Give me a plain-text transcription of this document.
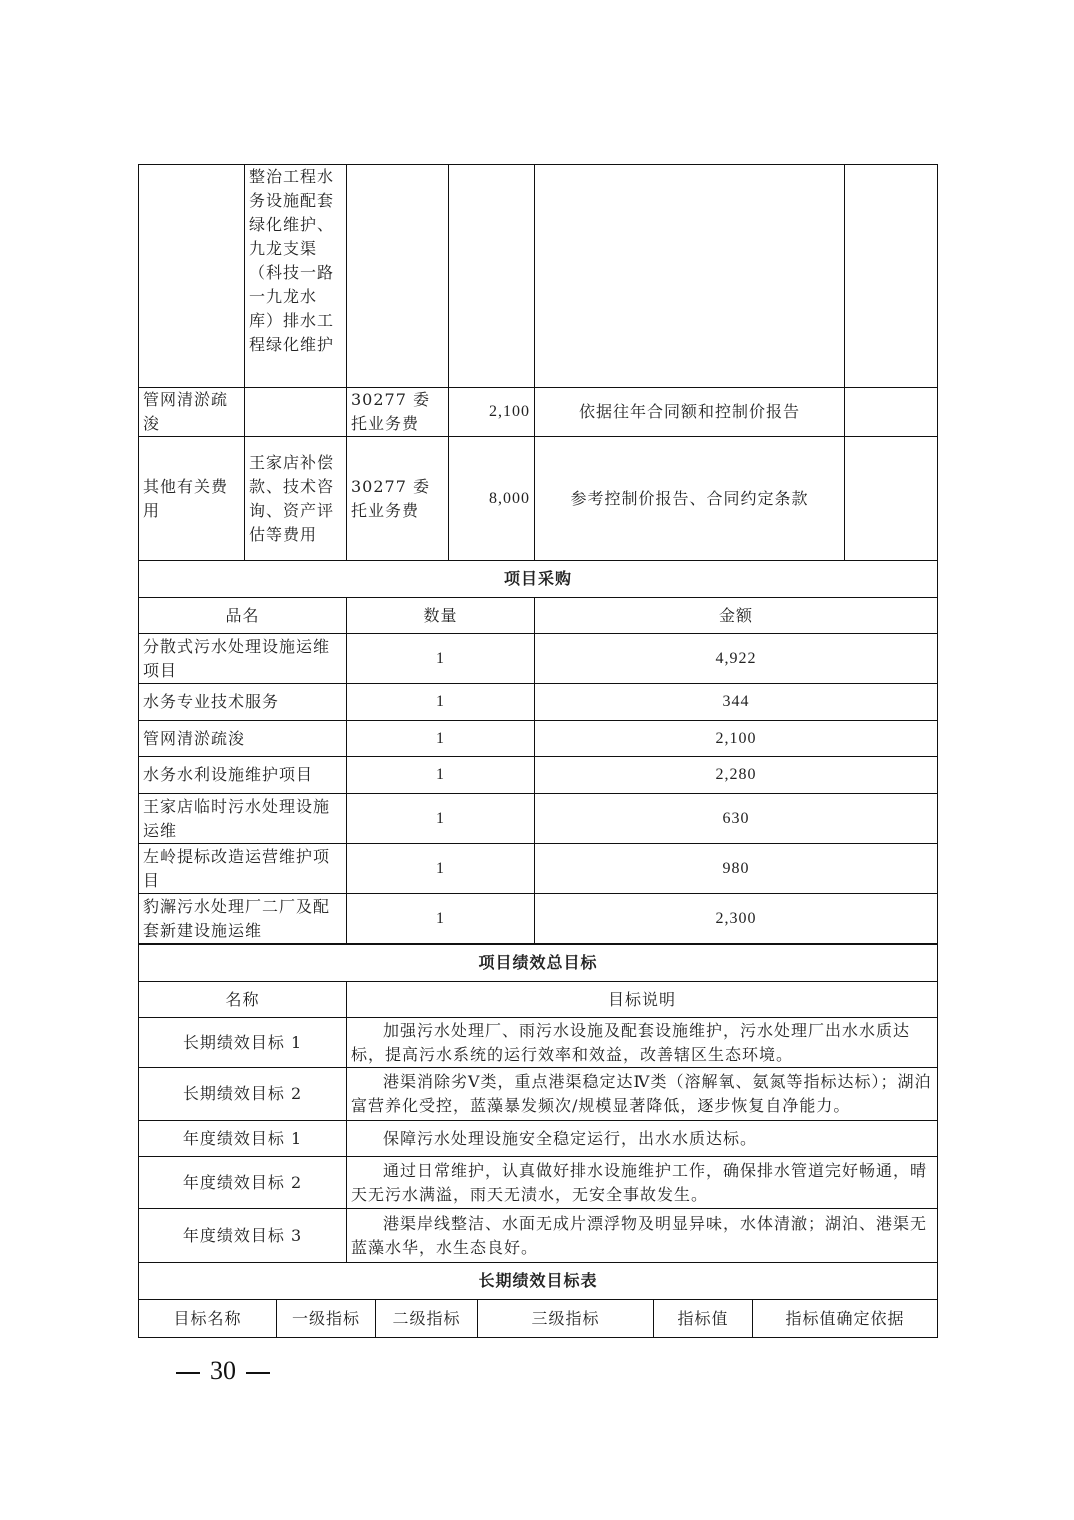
	整治工程水务设施配套绿化维护、九龙支渠（科技一路一九龙水库）排水工程绿化维护				
管网清淤疏浚		30277 委托业务费	2,100	依据往年合同额和控制价报告	
其他有关费用	王家店补偿款、技术咨询、资产评估等费用	30277 委托业务费	8,000	参考控制价报告、合同约定条款	
项目采购		
品名	数量	金额
分散式污水处理设施运维项目	1	4,922
水务专业技术服务	1	344
管网清淤疏浚	1	2,100
水务水利设施维护项目	1	2,280
王家店临时污水处理设施运维	1	630
左岭提标改造运营维护项目	1	980
豹澥污水处理厂二厂及配套新建设施运维	1	2,300
项目绩效总目标	
名称	目标说明
长期绩效目标 1	加强污水处理厂、雨污水设施及配套设施维护，污水处理厂出水水质达标，提高污水系统的运行效率和效益，改善辖区生态环境。
长期绩效目标 2	港渠消除劣Ⅴ类，重点港渠稳定达Ⅳ类（溶解氧、氨氮等指标达标）；湖泊富营养化受控，蓝藻暴发频次/规模显著降低，逐步恢复自净能力。
年度绩效目标 1	保障污水处理设施安全稳定运行，出水水质达标。
年度绩效目标 2	通过日常维护，认真做好排水设施维护工作，确保排水管道完好畅通，晴天无污水满溢，雨天无渍水，无安全事故发生。
年度绩效目标 3	港渠岸线整洁、水面无成片漂浮物及明显异味，水体清澈；湖泊、港渠无蓝藻水华，水生态良好。
长期绩效目标表
目标名称	一级指标	二级指标	三级指标	指标值	指标值确定依据
30
